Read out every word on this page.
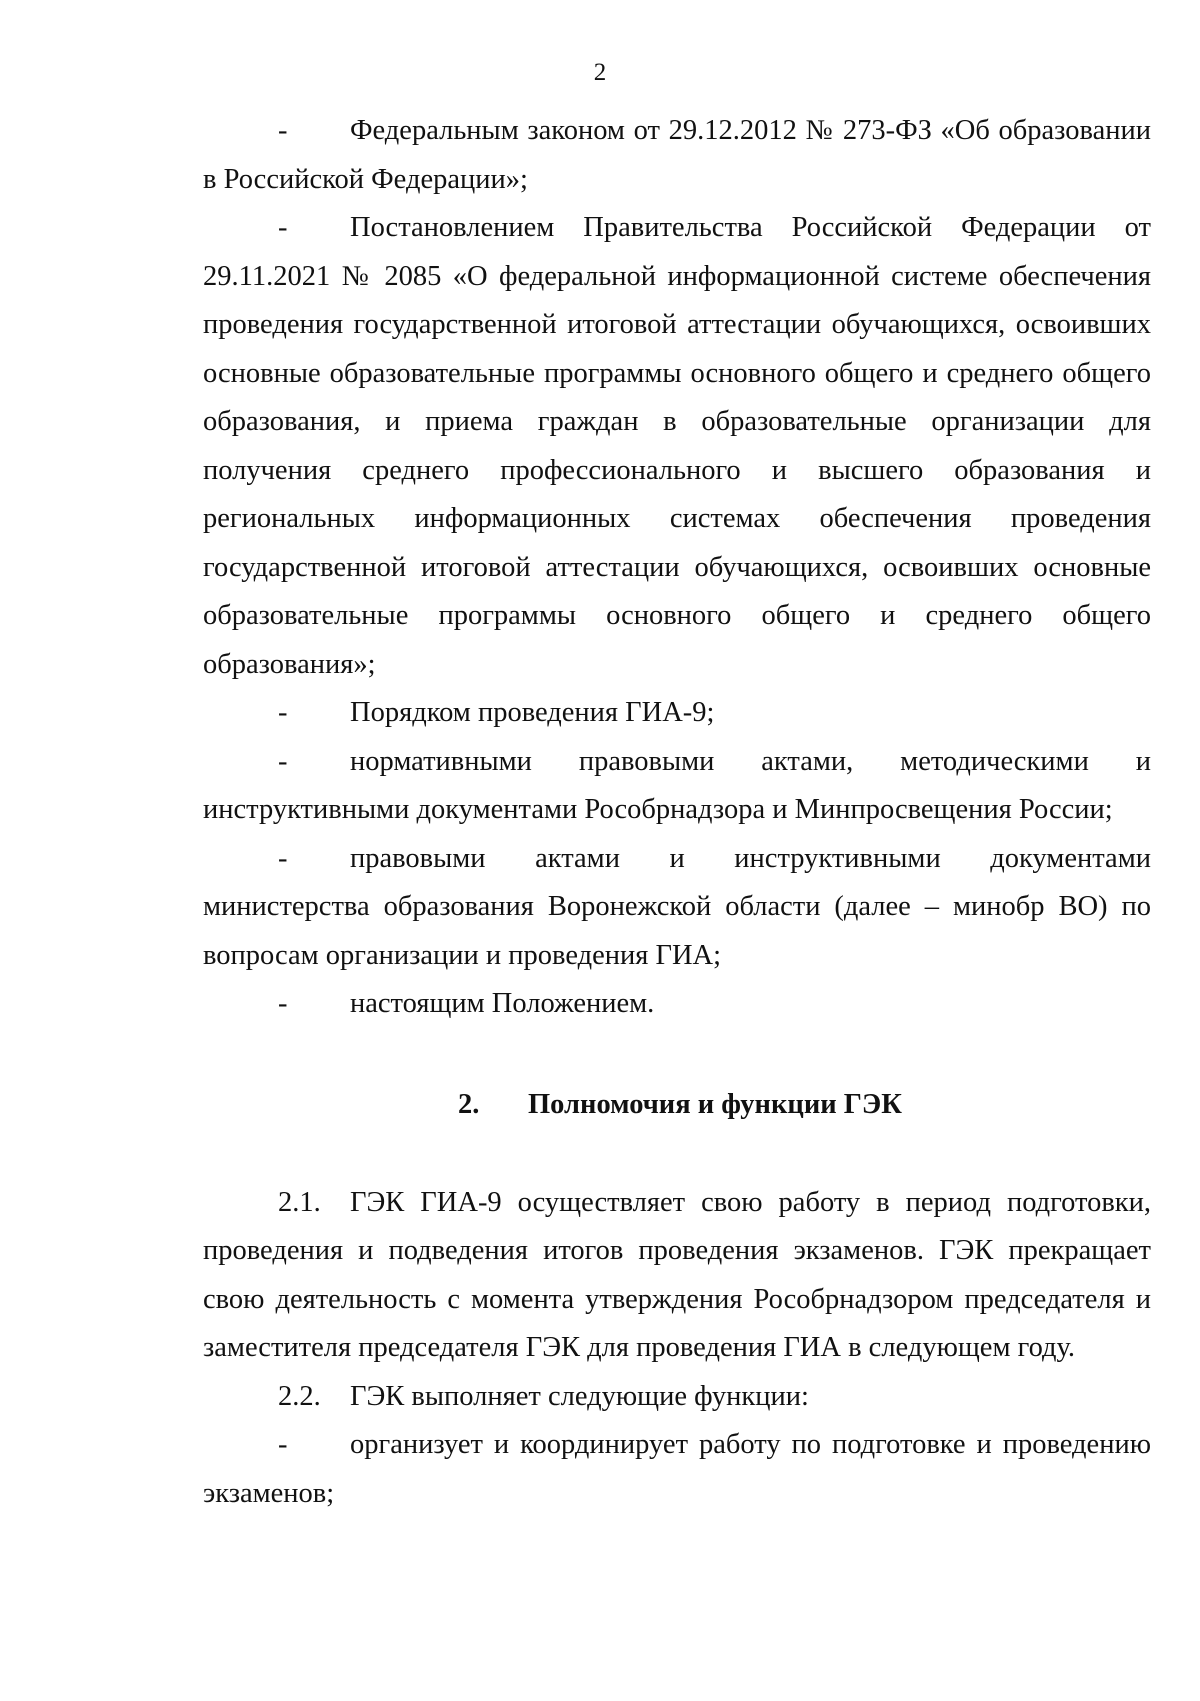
2

- Федеральным законом от 29.12.2012 № 273-ФЗ «Об образовании в Российской Федерации»;

- Постановлением Правительства Российской Федерации от 29.11.2021 № 2085 «О федеральной информационной системе обеспечения проведения государственной итоговой аттестации обучающихся, освоивших основные образовательные программы основного общего и среднего общего образования, и приема граждан в образовательные организации для получения среднего профессионального и высшего образования и региональных информационных системах обеспечения проведения государственной итоговой аттестации обучающихся, освоивших основные образовательные программы основного общего и среднего общего образования»;

- Порядком проведения ГИА-9;

- нормативными правовыми актами, методическими и инструктивными документами Рособрнадзора и Минпросвещения России;

- правовыми актами и инструктивными документами министерства образования Воронежской области (далее – минобр ВО) по вопросам организации и проведения ГИА;

- настоящим Положением.

2. Полномочия и функции ГЭК

2.1. ГЭК ГИА-9 осуществляет свою работу в период подготовки, проведения и подведения итогов проведения экзаменов. ГЭК прекращает свою деятельность с момента утверждения Рособрнадзором председателя и заместителя председателя ГЭК для проведения ГИА в следующем году.

2.2. ГЭК выполняет следующие функции:

- организует и координирует работу по подготовке и проведению экзаменов;
